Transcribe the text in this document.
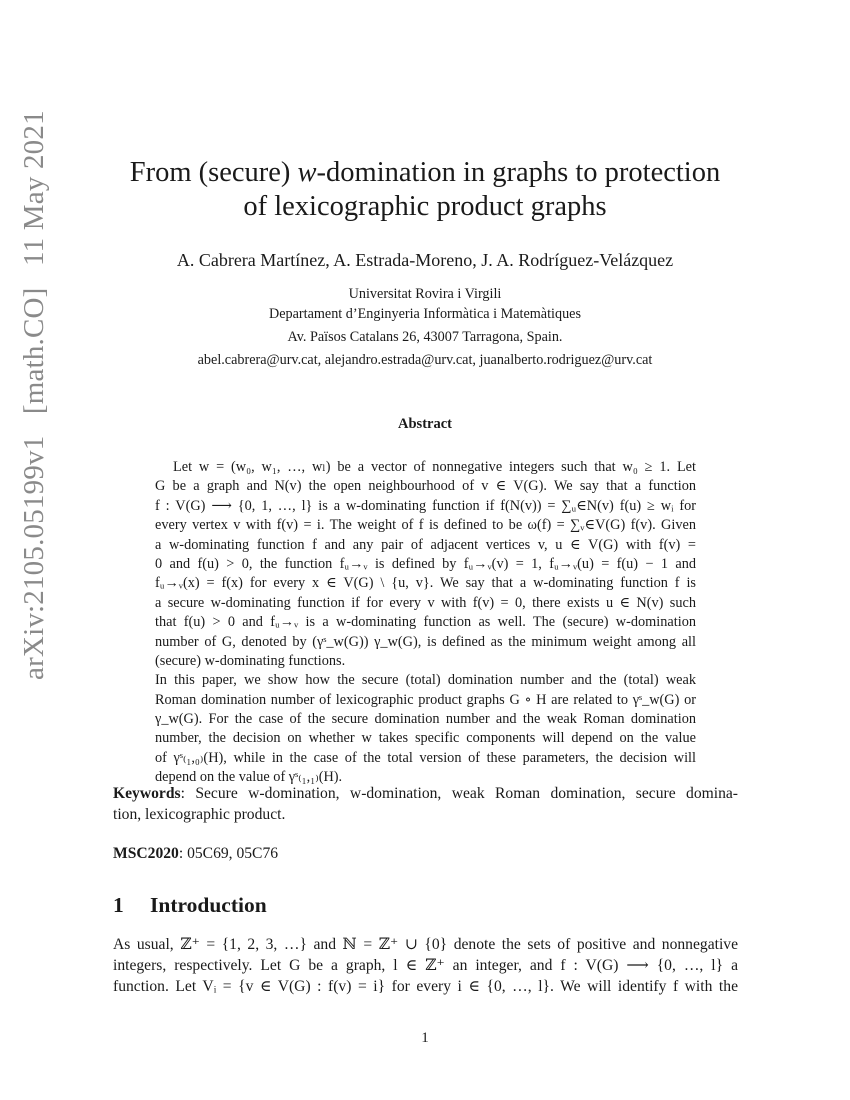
arXiv:2105.05199v1 [math.CO] 11 May 2021	From (secure) w-domination in graphs to protection
of lexicographic product graphs
A. Cabrera Martínez, A. Estrada-Moreno, J. A. Rodríguez-Velázquez
Universitat Rovira i Virgili
Departament d’Enginyeria Informàtica i Matemàtiques
Av. Països Catalans 26, 43007 Tarragona, Spain.
abel.cabrera@urv.cat, alejandro.estrada@urv.cat, juanalberto.rodriguez@urv.cat
Abstract
Let w = (w₀, w₁, …, wₗ) be a vector of nonnegative integers such that w₀ ≥ 1. Let
G be a graph and N(v) the open neighbourhood of v ∈ V(G). We say that a function
f : V(G) ⟶ {0, 1, …, l} is a w-dominating function if f(N(v)) = ∑ᵤ∈N(v) f(u) ≥ wᵢ for
every vertex v with f(v) = i. The weight of f is defined to be ω(f) = ∑ᵥ∈V(G) f(v). Given
a w-dominating function f and any pair of adjacent vertices v, u ∈ V(G) with f(v) =
0 and f(u) > 0, the function fᵤ→ᵥ is defined by fᵤ→ᵥ(v) = 1, fᵤ→ᵥ(u) = f(u) − 1 and
fᵤ→ᵥ(x) = f(x) for every x ∈ V(G) \ {u, v}. We say that a w-dominating function f is
a secure w-dominating function if for every v with f(v) = 0, there exists u ∈ N(v) such
that f(u) > 0 and fᵤ→ᵥ is a w-dominating function as well. The (secure) w-domination
number of G, denoted by (γˢ_w(G)) γ_w(G), is defined as the minimum weight among all
(secure) w-dominating functions.
In this paper, we show how the secure (total) domination number and the (total) weak
Roman domination number of lexicographic product graphs G ∘ H are related to γˢ_w(G) or
γ_w(G). For the case of the secure domination number and the weak Roman domination
number, the decision on whether w takes specific components will depend on the value
of γˢ₍₁,₀₎(H), while in the case of the total version of these parameters, the decision will
depend on the value of γˢ₍₁,₁₎(H).
Keywords: Secure w-domination, w-domination, weak Roman domination, secure domina-
tion, lexicographic product.
MSC2020: 05C69, 05C76
1 Introduction
As usual, ℤ⁺ = {1, 2, 3, …} and ℕ = ℤ⁺ ∪ {0} denote the sets of positive and nonnegative
integers, respectively. Let G be a graph, l ∈ ℤ⁺ an integer, and f : V(G) ⟶ {0, …, l} a
function. Let Vᵢ = {v ∈ V(G) : f(v) = i} for every i ∈ {0, …, l}. We will identify f with the
1
